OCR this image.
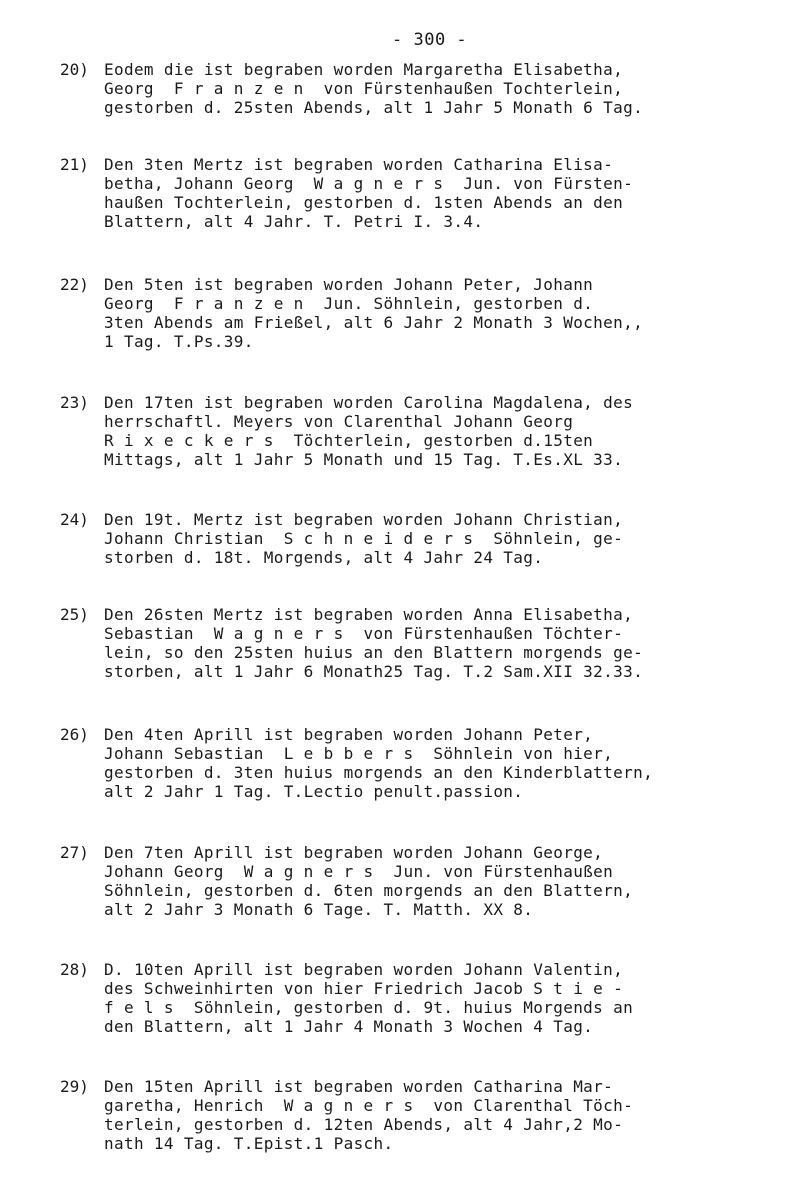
- 300 -
20) Eodem die ist begraben worden Margaretha Elisabetha,
Georg  F r a n z e n  von Fürstenhaußen Tochterlein,
gestorben d. 25sten Abends, alt 1 Jahr 5 Monath 6 Tag.
21) Den 3ten Mertz ist begraben worden Catharina Elisa-
betha, Johann Georg  W a g n e r s  Jun. von Fürsten-
haußen Tochterlein, gestorben d. 1sten Abends an den
Blattern, alt 4 Jahr. T. Petri I. 3.4.
22) Den 5ten ist begraben worden Johann Peter, Johann
Georg  F r a n z e n  Jun. Söhnlein, gestorben d.
3ten Abends am Frießel, alt 6 Jahr 2 Monath 3 Wochen,,
1 Tag. T.Ps.39.
23) Den 17ten ist begraben worden Carolina Magdalena, des
herrschaftl. Meyers von Clarenthal Johann Georg
R i x e c k e r s  Töchterlein, gestorben d.15ten
Mittags, alt 1 Jahr 5 Monath und 15 Tag. T.Es.XL 33.
24) Den 19t. Mertz ist begraben worden Johann Christian,
Johann Christian  S c h n e i d e r s  Söhnlein, ge-
storben d. 18t. Morgends, alt 4 Jahr 24 Tag.
25) Den 26sten Mertz ist begraben worden Anna Elisabetha,
Sebastian  W a g n e r s  von Fürstenhaußen Töchter-
lein, so den 25sten huius an den Blattern morgends ge-
storben, alt 1 Jahr 6 Monath25 Tag. T.2 Sam.XII 32.33.
26) Den 4ten Aprill ist begraben worden Johann Peter,
Johann Sebastian  L e b b e r s  Söhnlein von hier,
gestorben d. 3ten huius morgends an den Kinderblattern,
alt 2 Jahr 1 Tag. T.Lectio penult.passion.
27) Den 7ten Aprill ist begraben worden Johann George,
Johann Georg  W a g n e r s  Jun. von Fürstenhaußen
Söhnlein, gestorben d. 6ten morgends an den Blattern,
alt 2 Jahr 3 Monath 6 Tage. T. Matth. XX 8.
28) D. 10ten Aprill ist begraben worden Johann Valentin,
des Schweinhirten von hier Friedrich Jacob S t i e -
f e l s  Söhnlein, gestorben d. 9t. huius Morgends an
den Blattern, alt 1 Jahr 4 Monath 3 Wochen 4 Tag.
29) Den 15ten Aprill ist begraben worden Catharina Mar-
garetha, Henrich  W a g n e r s  von Clarenthal Töch-
terlein, gestorben d. 12ten Abends, alt 4 Jahr,2 Mo-
nath 14 Tag. T.Epist.1 Pasch.
